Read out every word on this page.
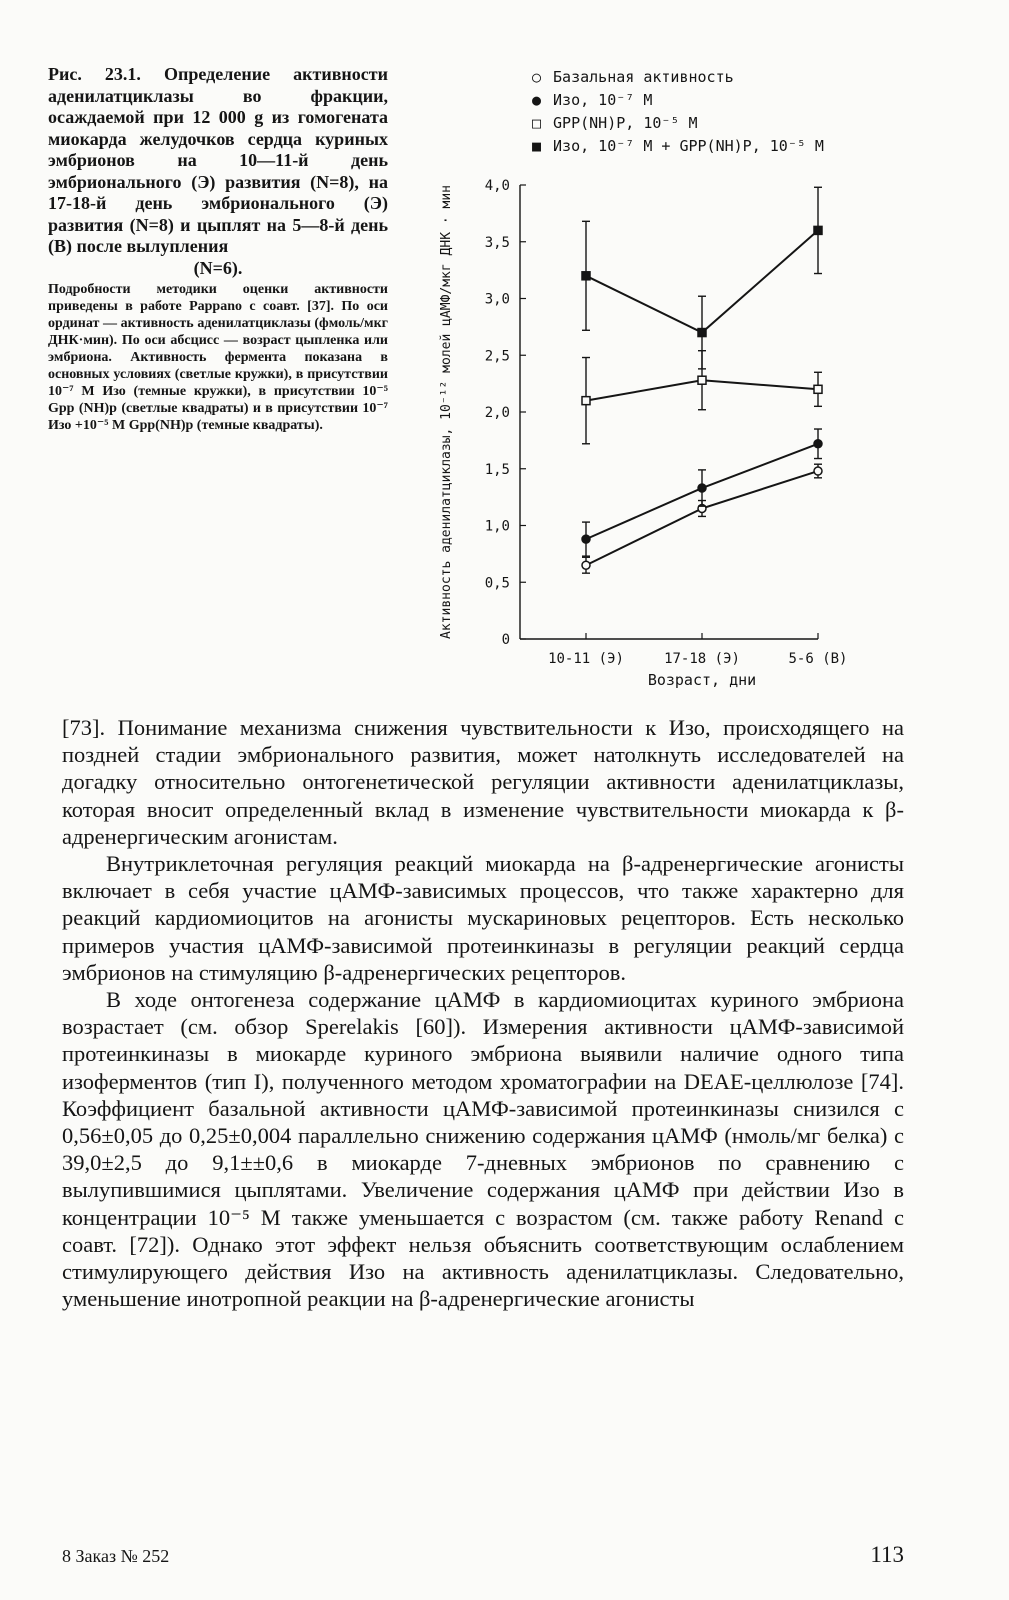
Рис. 23.1. Определение активности аденилатциклазы во фракции, осаждаемой при 12 000 g из гомогената миокарда желудочков сердца куриных эмбрионов на 10—11-й день эмбрионального (Э) развития (N=8), на 17-18-й день эмбрионального (Э) развития (N=8) и цыплят на 5—8-й день (В) после вылупления

(N=6).
Подробности методики оценки активности приведены в работе Pappano с соавт. [37]. По оси ординат — активность аденилатциклазы (фмоль/мкг ДНК·мин). По оси абсцисс — возраст цыпленка или эмбриона. Активность фермента показана в основных условиях (светлые кружки), в присутствии 10⁻⁷ М Изо (темные кружки), в присутствии 10⁻⁵ Gpp (NH)p (светлые квадраты) и в присутствии 10⁻⁷ Изо +10⁻⁵ М Gpp(NH)p (темные квадраты).
○ Базальная активность
● Изо, 10⁻⁷ М
□ GPP(NH)P, 10⁻⁵ М
■ Изо, 10⁻⁷ М + GPP(NH)P, 10⁻⁵ М
0
0,5
1,0
1,5
2,0
2,5
3,0
3,5
4,0
10-11 (Э)	17-18 (Э)	5-6 (В)
Активность аденилатциклазы, 10⁻¹² молей цАМФ/мкг ДНК · мин
Возраст, дни

[73]. Понимание механизма снижения чувствительности к Изо, происходящего на поздней стадии эмбрионального развития, может натолкнуть исследователей на догадку относительно онтогенетической регуляции активности аденилатциклазы, которая вносит определенный вклад в изменение чувствительности миокарда к β-адренергическим агонистам.

Внутриклеточная регуляция реакций миокарда на β-адренергические агонисты включает в себя участие цАМФ-зависимых процессов, что также характерно для реакций кардиомиоцитов на агонисты мускариновых рецепторов. Есть несколько примеров участия цАМФ-зависимой протеинкиназы в регуляции реакций сердца эмбрионов на стимуляцию β-адренергических рецепторов.

В ходе онтогенеза содержание цАМФ в кардиомиоцитах куриного эмбриона возрастает (см. обзор Sperelakis [60]). Измерения активности цАМФ-зависимой протеинкиназы в миокарде куриного эмбриона выявили наличие одного типа изоферментов (тип I), полученного методом хроматографии на DEAE-целлюлозе [74]. Коэффициент базальной активности цАМФ-зависимой протеинкиназы снизился с 0,56±0,05 до 0,25±0,004 параллельно снижению содержания цАМФ (нмоль/мг белка) с 39,0±2,5 до 9,1±±0,6 в миокарде 7-дневных эмбрионов по сравнению с вылупившимися цыплятами. Увеличение содержания цАМФ при действии Изо в концентрации 10⁻⁵ М также уменьшается с возрастом (см. также работу Renand с соавт. [72]). Однако этот эффект нельзя объяснить соответствующим ослаблением стимулирующего действия Изо на активность аденилатциклазы. Следовательно, уменьшение инотропной реакции на β-адренергические агонисты

8 Заказ № 252	113
